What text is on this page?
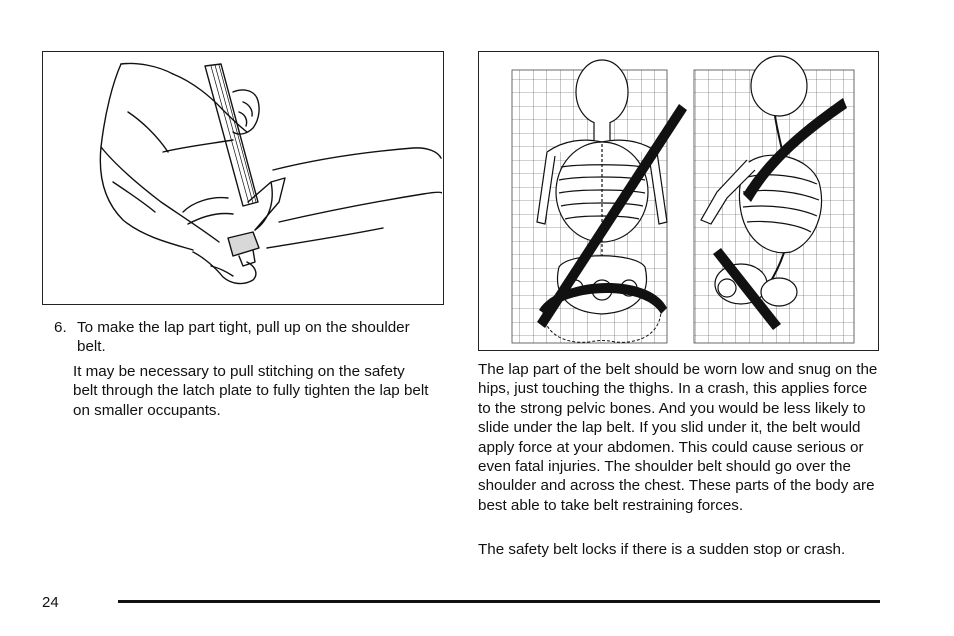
6. To make the lap part tight, pull up on the shoulder belt.
It may be necessary to pull stitching on the safety belt through the latch plate to fully tighten the lap belt on smaller occupants.
The lap part of the belt should be worn low and snug on the hips, just touching the thighs. In a crash, this applies force to the strong pelvic bones. And you would be less likely to slide under the lap belt. If you slid under it, the belt would apply force at your abdomen. This could cause serious or even fatal injuries. The shoulder belt should go over the shoulder and across the chest. These parts of the body are best able to take belt restraining forces.
The safety belt locks if there is a sudden stop or crash.
24
